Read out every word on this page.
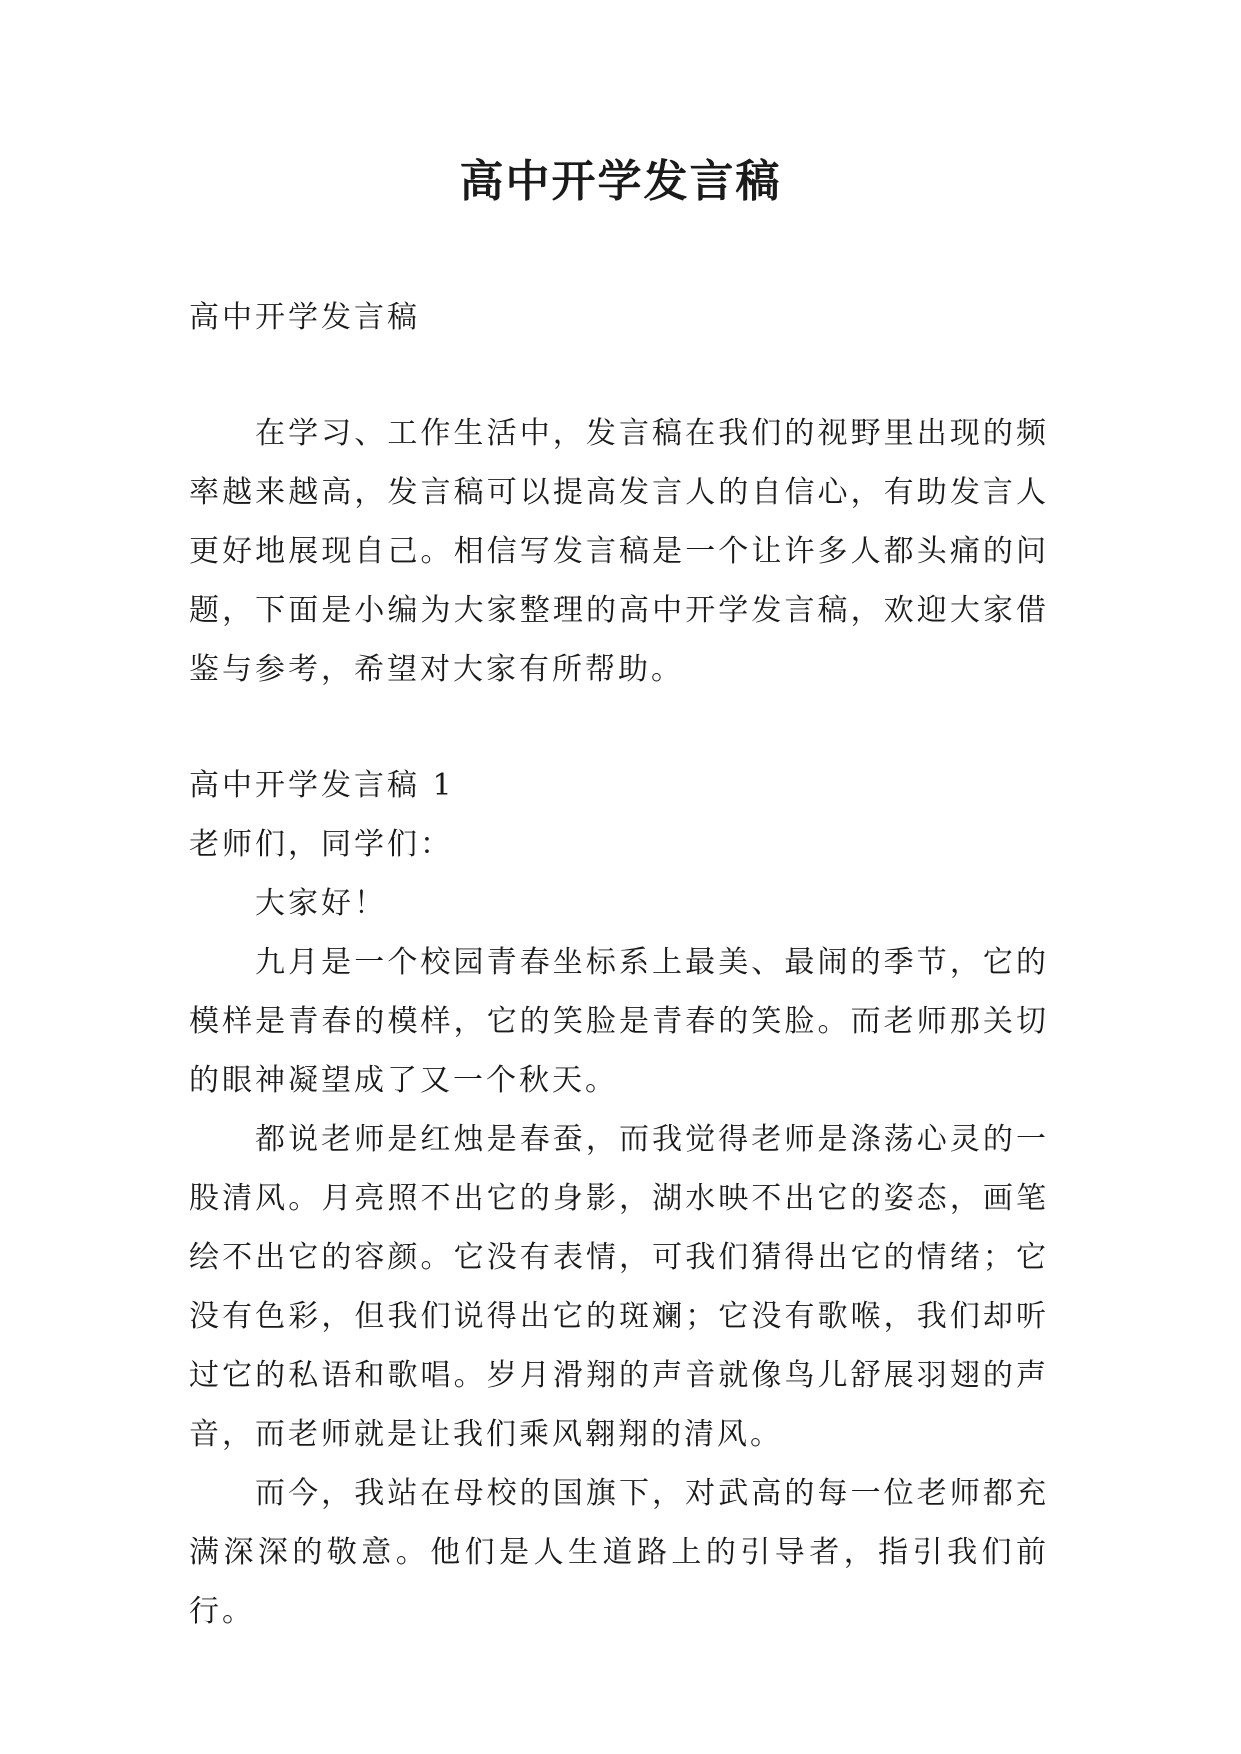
高中开学发言稿

高中开学发言稿

在学习、工作生活中，发言稿在我们的视野里出现的频率越来越高，发言稿可以提高发言人的自信心，有助发言人更好地展现自己。相信写发言稿是一个让许多人都头痛的问题，下面是小编为大家整理的高中开学发言稿，欢迎大家借鉴与参考，希望对大家有所帮助。

高中开学发言稿 1

老师们，同学们：

大家好！

九月是一个校园青春坐标系上最美、最闹的季节，它的模样是青春的模样，它的笑脸是青春的笑脸。而老师那关切的眼神凝望成了又一个秋天。

都说老师是红烛是春蚕，而我觉得老师是涤荡心灵的一股清风。月亮照不出它的身影，湖水映不出它的姿态，画笔绘不出它的容颜。它没有表情，可我们猜得出它的情绪；它没有色彩，但我们说得出它的斑斓；它没有歌喉，我们却听过它的私语和歌唱。岁月滑翔的声音就像鸟儿舒展羽翅的声音，而老师就是让我们乘风翱翔的清风。

而今，我站在母校的国旗下，对武高的每一位老师都充满深深的敬意。他们是人生道路上的引导者，指引我们前行。
